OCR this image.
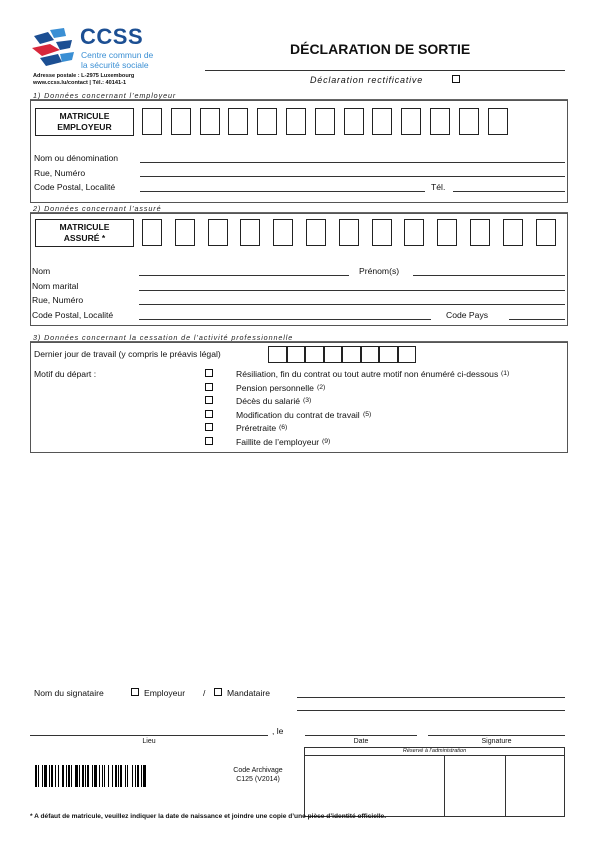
CCSS
Centre commun de
la sécurité sociale
Adresse postale : L-2975 Luxembourg
www.ccss.lu/contact | Tél.: 40141-1
DÉCLARATION DE SORTIE
Déclaration rectificative
1) Données concernant l’employeur
MATRICULE
EMPLOYEUR
Nom ou dénomination
Rue, Numéro
Code Postal, Localité	Tél.
2) Données concernant l’assuré
MATRICULE
ASSURÉ *
Nom	Prénom(s)
Nom marital
Rue, Numéro
Code Postal, Localité	Code Pays
3) Données concernant la cessation de l’activité professionnelle
Dernier jour de travail (y compris le préavis légal)
Motif du départ :	Résiliation, fin du contrat ou tout autre motif non énuméré ci-dessous (1)
Pension personnelle (2)
Décès du salarié (3)
Modification du contrat de travail (5)
Préretraite (6)
Faillite de l’employeur (9)
Nom du signataire	Employeur /	Mandataire
, le
Lieu	Date	Signature
Code Archivage
C125 (V2014)
Réservé à l’administration
* A défaut de matricule, veuillez indiquer la date de naissance et joindre une copie d’une pièce d’identité officielle.
